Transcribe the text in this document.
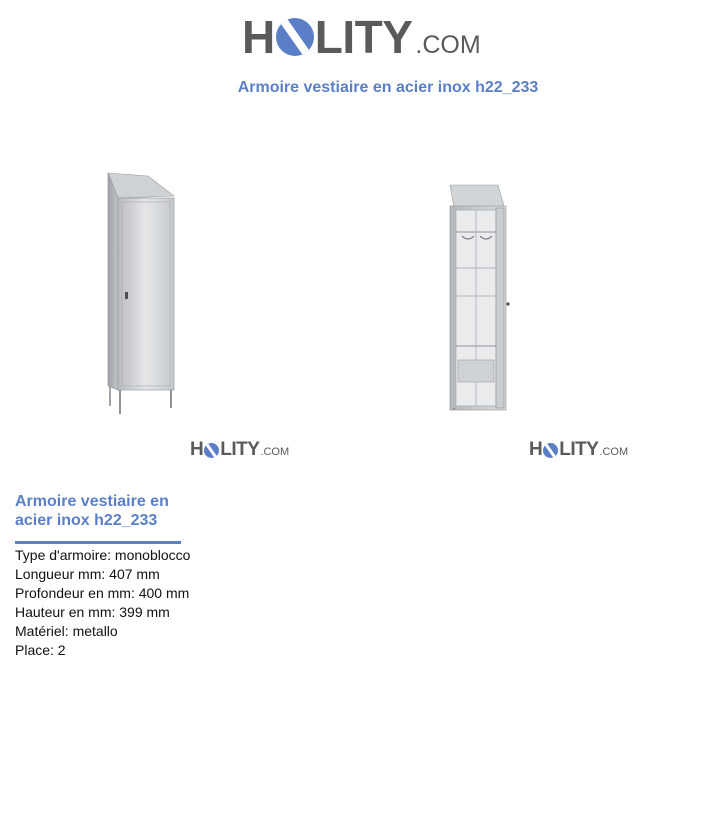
H LITY .COM
Armoire vestiaire en acier inox h22_233
H LITY .COM	H LITY .COM
Armoire vestiaire en acier inox h22_233
Type d'armoire: monoblocco
Longueur mm: 407 mm
Profondeur en mm: 400 mm
Hauteur en mm: 399 mm
Matériel: metallo
Place: 2
